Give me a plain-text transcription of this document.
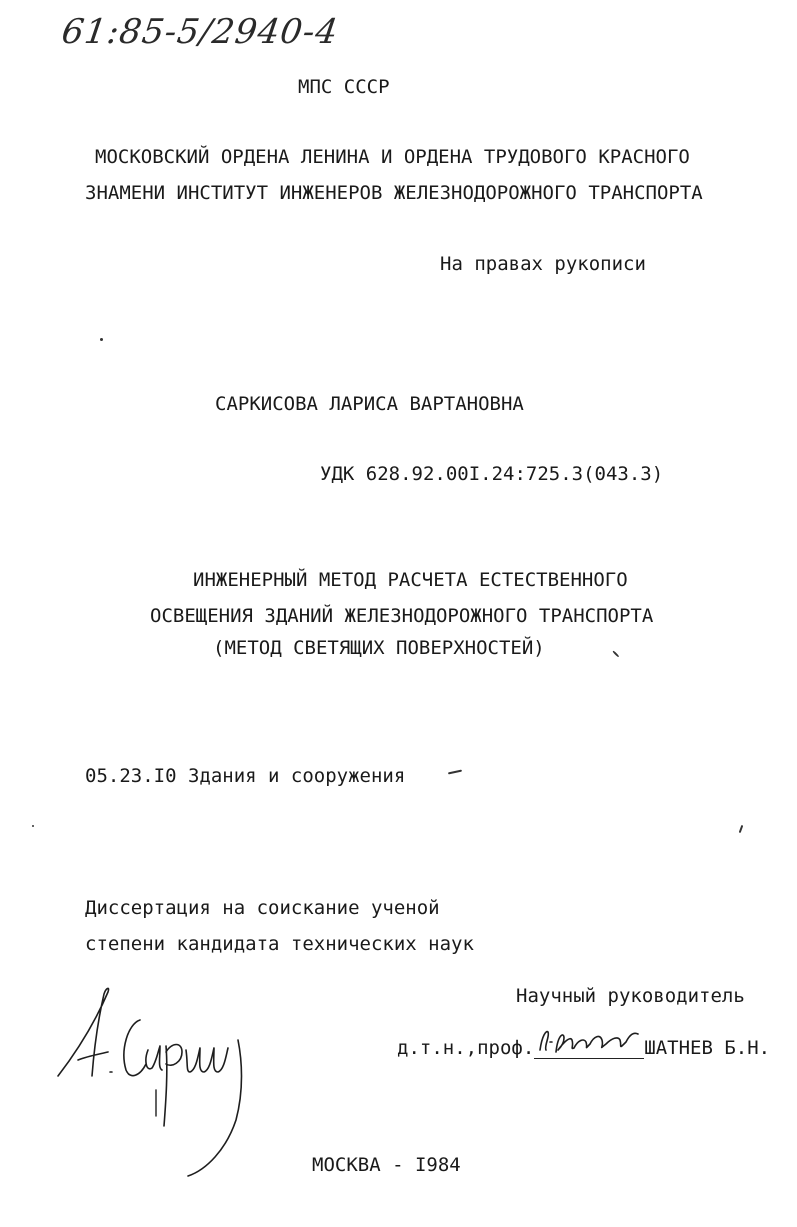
61:85-5/2940-4
МПС СССР
МОСКОВСКИЙ ОРДЕНА ЛЕНИНА И ОРДЕНА ТРУДОВОГО КРАСНОГО
ЗНАМЕНИ ИНСТИТУТ ИНЖЕНЕРОВ ЖЕЛЕЗНОДОРОЖНОГО ТРАНСПОРТА
На правах рукописи
САРКИСОВА ЛАРИСА ВАРТАНОВНА
УДК 628.92.00I.24:725.3(043.3)
ИНЖЕНЕРНЫЙ МЕТОД РАСЧЕТА ЕСТЕСТВЕННОГО
ОСВЕЩЕНИЯ ЗДАНИЙ ЖЕЛЕЗНОДОРОЖНОГО ТРАНСПОРТА
(МЕТОД СВЕТЯЩИХ ПОВЕРХНОСТЕЙ)
05.23.I0 Здания и сооружения
Диссертация на соискание ученой
степени кандидата технических наук
Научный руководитель
д.т.н.,проф.	ШАТНЕВ Б.Н.
МОСКВА - I984
